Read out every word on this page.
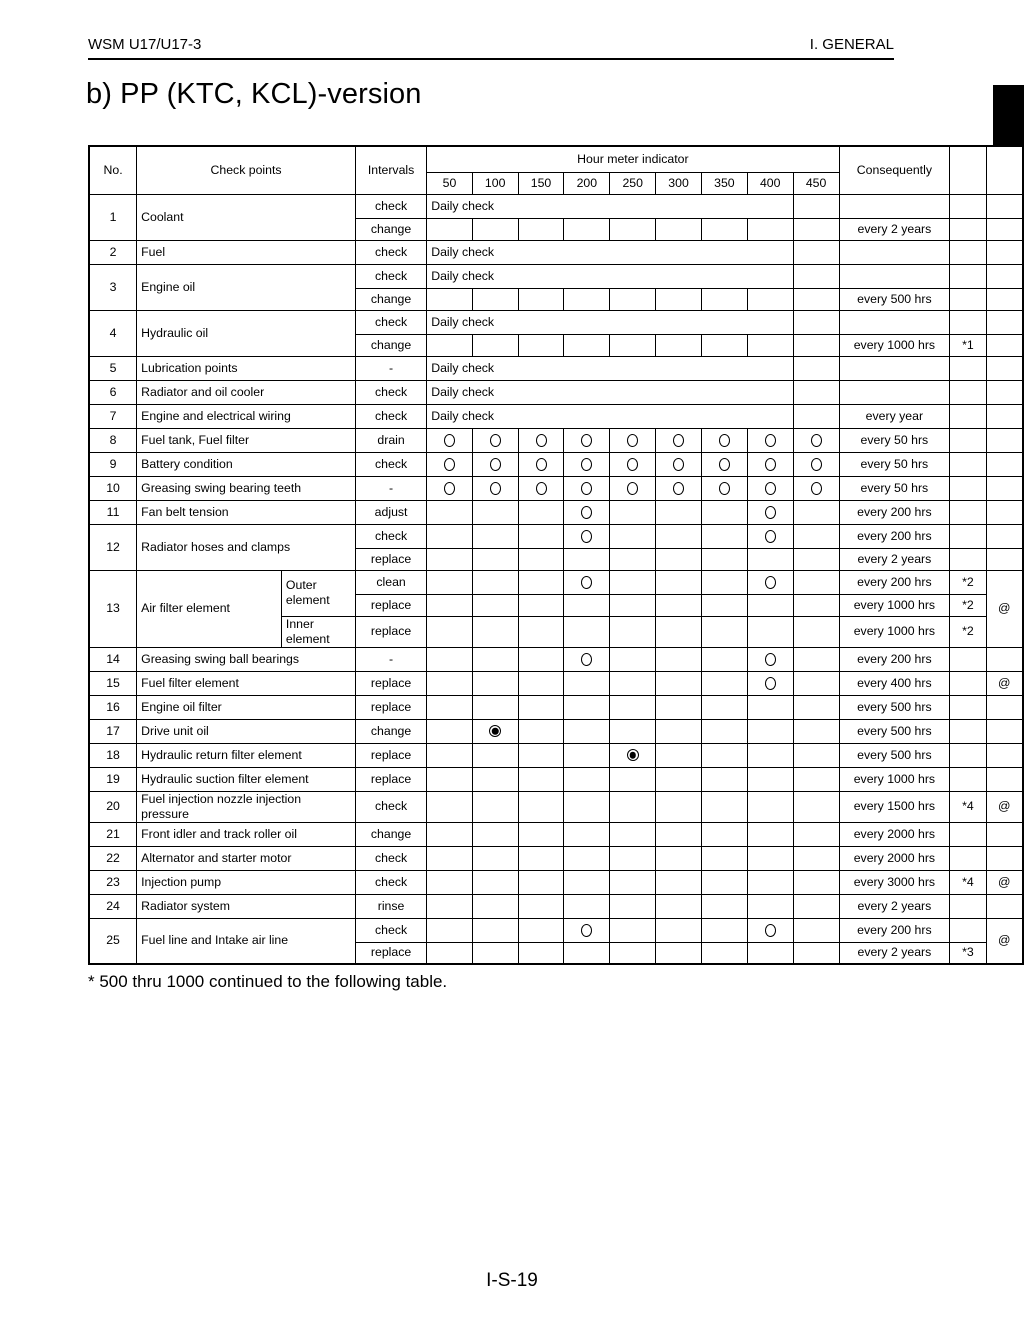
WSM U17/U17-3	I. GENERAL
b) PP (KTC, KCL)-version
No.	Check points		Intervals	Hour meter indicator									Consequently		
				50	100	150	200	250	300	350	400	450			
1	Coolant		check	Daily check											
			change										every 2 years		
2	Fuel		check	Daily check											
3	Engine oil		check	Daily check											
			change										every 500 hrs		
4	Hydraulic oil		check	Daily check											
			change										every 1000 hrs	*1	
5	Lubrication points		-	Daily check											
6	Radiator and oil cooler		check	Daily check											
7	Engine and electrical wiring		check	Daily check									every year		
8	Fuel tank, Fuel filter		drain										every 50 hrs		
9	Battery condition		check										every 50 hrs		
10	Greasing swing bearing teeth		-										every 50 hrs		
11	Fan belt tension		adjust										every 200 hrs		
12	Radiator hoses and clamps		check										every 200 hrs		
			replace										every 2 years		
13	Air filter element	Outer element	clean										every 200 hrs	*2	@
			replace										every 1000 hrs	*2	
		Inner element	replace										every 1000 hrs	*2	
14	Greasing swing ball bearings		-										every 200 hrs		
15	Fuel filter element		replace										every 400 hrs		@
16	Engine oil filter		replace										every 500 hrs		
17	Drive unit oil		change										every 500 hrs		
18	Hydraulic return filter element		replace										every 500 hrs		
19	Hydraulic suction filter element		replace										every 1000 hrs		
20	Fuel injection nozzle injection pressure		check										every 1500 hrs	*4	@
21	Front idler and track roller oil		change										every 2000 hrs		
22	Alternator and starter motor		check										every 2000 hrs		
23	Injection pump		check										every 3000 hrs	*4	@
24	Radiator system		rinse										every 2 years		
25	Fuel line and Intake air line		check										every 200 hrs		@
			replace										every 2 years	*3	
* 500 thru 1000 continued to the following table.
I-S-19
